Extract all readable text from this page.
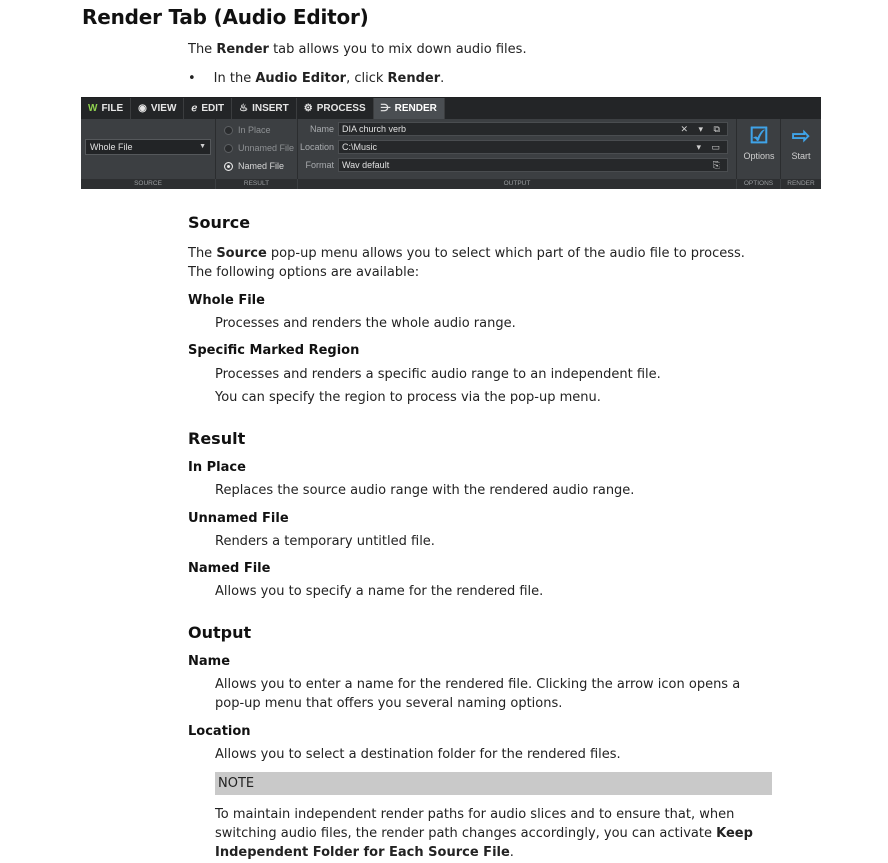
Render Tab (Audio Editor)

The Render tab allows you to mix down audio files.

• In the Audio Editor, click Render.

W FILE ◉ VIEW ℯ EDIT ♨ INSERT ⚙ PROCESS ⋺ RENDER
Whole File	▼
In Place
Unnamed File
Named File
Name DIA church verb	✕ ▾ ⧉
Location C:\Music	▾ ▭
Format Wav default	⎘
☑
Options
⇨
Start
SOURCE	RESULT	OUTPUT	OPTIONS	RENDER
Source

The Source pop-up menu allows you to select which part of the audio file to process. The following options are available:

Whole File

Processes and renders the whole audio range.

Specific Marked Region

Processes and renders a specific audio range to an independent file.

You can specify the region to process via the pop-up menu.

Result
In Place

Replaces the source audio range with the rendered audio range.

Unnamed File

Renders a temporary untitled file.

Named File

Allows you to specify a name for the rendered file.

Output
Name

Allows you to enter a name for the rendered file. Clicking the arrow icon opens a pop-up menu that offers you several naming options.

Location

Allows you to select a destination folder for the rendered files.

NOTE

To maintain independent render paths for audio slices and to ensure that, when switching audio files, the render path changes accordingly, you can activate Keep Independent Folder for Each Source File.
